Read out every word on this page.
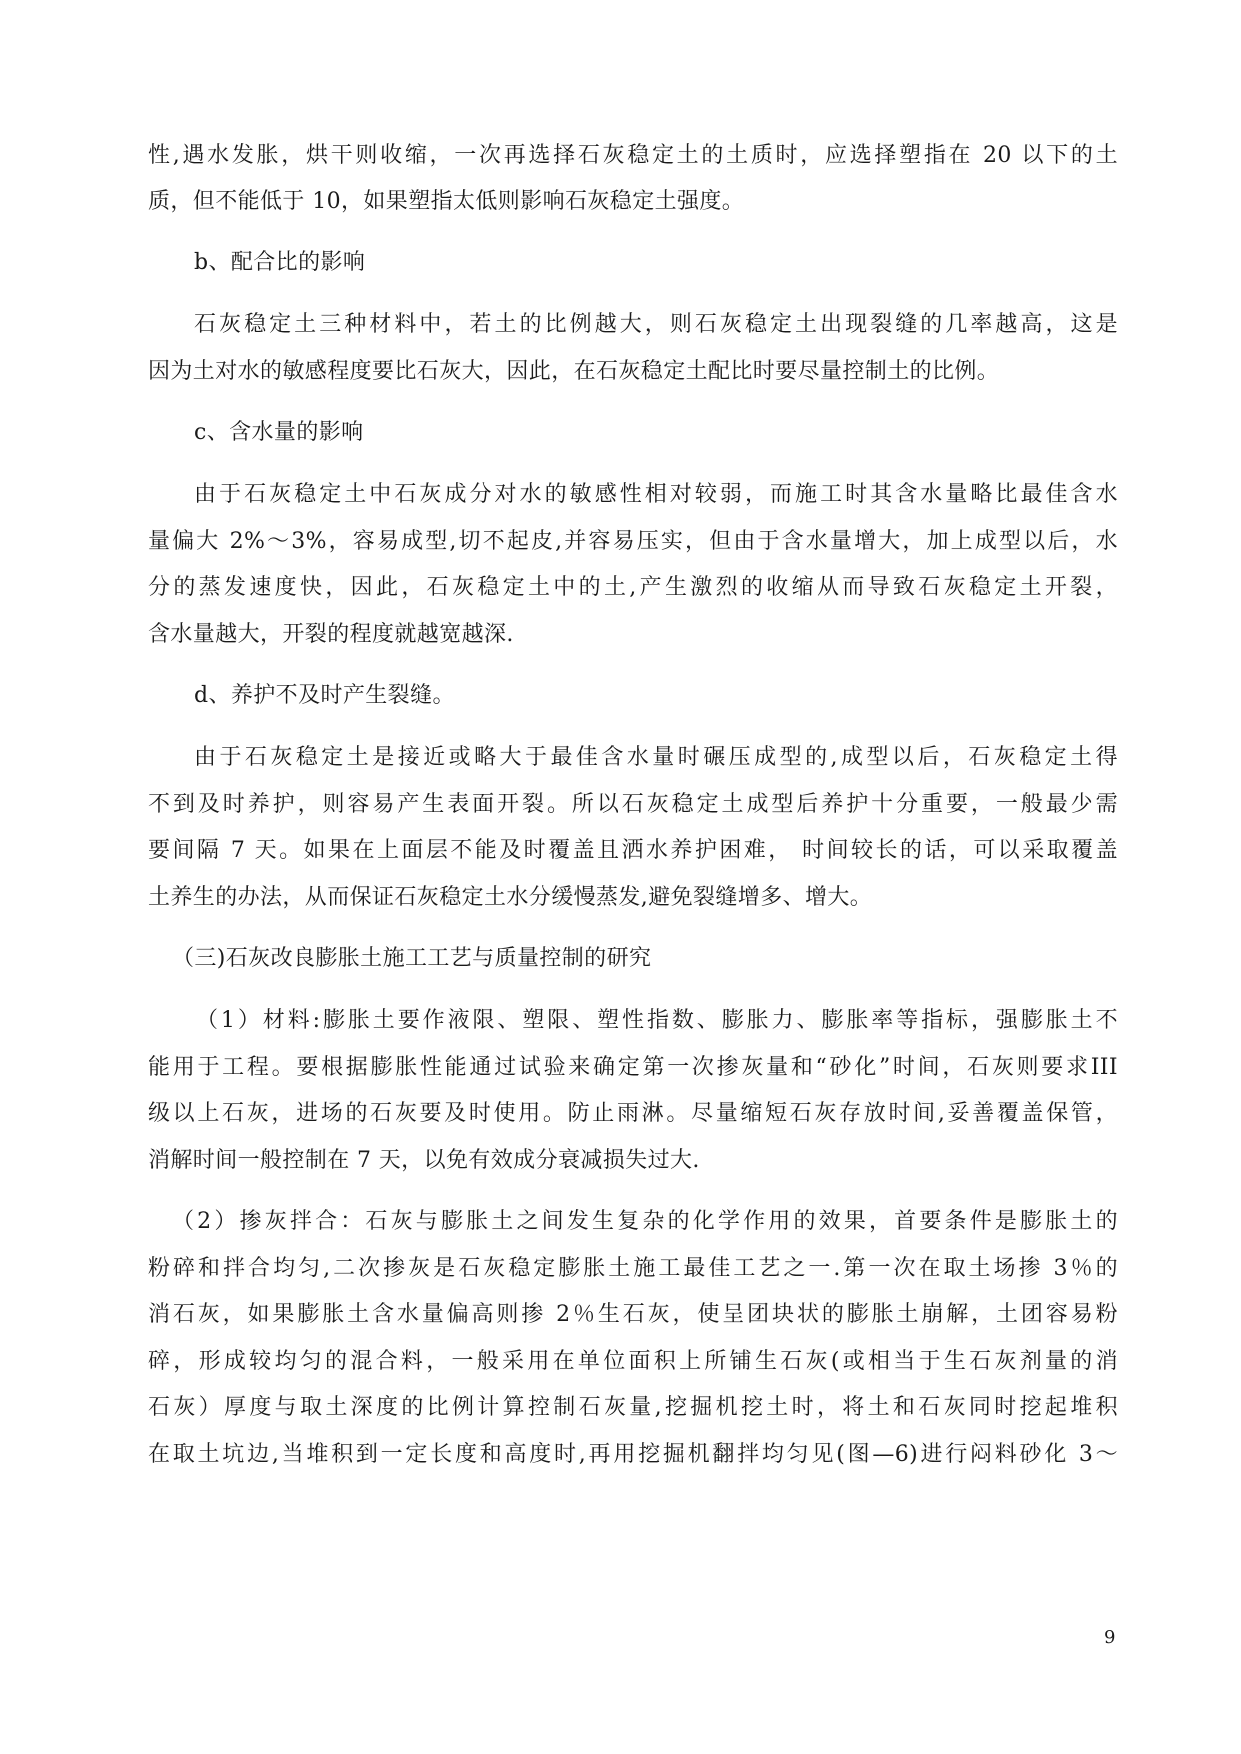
性,遇水发胀，烘干则收缩，一次再选择石灰稳定土的土质时，应选择塑指在 20 以下的土
质，但不能低于 10，如果塑指太低则影响石灰稳定土强度。
b、配合比的影响
石灰稳定土三种材料中，若土的比例越大，则石灰稳定土出现裂缝的几率越高，这是
因为土对水的敏感程度要比石灰大，因此，在石灰稳定土配比时要尽量控制土的比例。
c、含水量的影响
由于石灰稳定土中石灰成分对水的敏感性相对较弱，而施工时其含水量略比最佳含水
量偏大 2%～3%，容易成型,切不起皮,并容易压实，但由于含水量增大，加上成型以后，水
分的蒸发速度快，因此，石灰稳定土中的土,产生激烈的收缩从而导致石灰稳定土开裂，
含水量越大，开裂的程度就越宽越深.
d、养护不及时产生裂缝。
由于石灰稳定土是接近或略大于最佳含水量时碾压成型的,成型以后，石灰稳定土得
不到及时养护，则容易产生表面开裂。所以石灰稳定土成型后养护十分重要，一般最少需
要间隔 7 天。如果在上面层不能及时覆盖且洒水养护困难， 时间较长的话，可以采取覆盖
土养生的办法，从而保证石灰稳定土水分缓慢蒸发,避免裂缝增多、增大。
（三)石灰改良膨胀土施工工艺与质量控制的研究
（1）材料:膨胀土要作液限、塑限、塑性指数、膨胀力、膨胀率等指标，强膨胀土不
能用于工程。要根据膨胀性能通过试验来确定第一次掺灰量和“砂化”时间，石灰则要求III
级以上石灰，进场的石灰要及时使用。防止雨淋。尽量缩短石灰存放时间,妥善覆盖保管，
消解时间一般控制在 7 天，以免有效成分衰减损失过大.
（2）掺灰拌合：石灰与膨胀土之间发生复杂的化学作用的效果，首要条件是膨胀土的
粉碎和拌合均匀,二次掺灰是石灰稳定膨胀土施工最佳工艺之一.第一次在取土场掺 3％的
消石灰，如果膨胀土含水量偏高则掺 2％生石灰，使呈团块状的膨胀土崩解，土团容易粉
碎，形成较均匀的混合料，一般采用在单位面积上所铺生石灰(或相当于生石灰剂量的消
石灰）厚度与取土深度的比例计算控制石灰量,挖掘机挖土时，将土和石灰同时挖起堆积
在取土坑边,当堆积到一定长度和高度时,再用挖掘机翻拌均匀见(图—6)进行闷料砂化 3～
9
